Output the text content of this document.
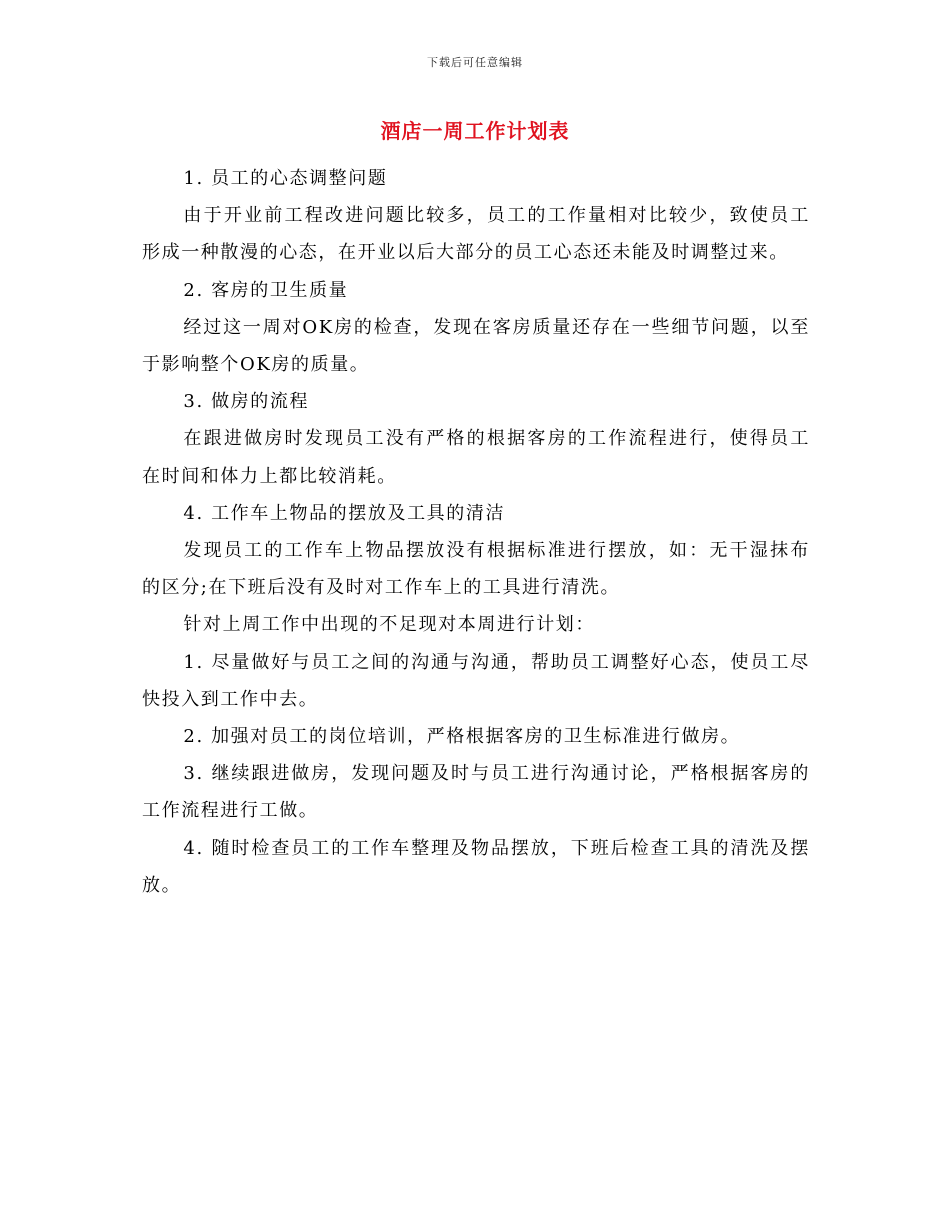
下载后可任意编辑
酒店一周工作计划表

1. 员工的心态调整问题

由于开业前工程改进问题比较多，员工的工作量相对比较少，致使员工形成一种散漫的心态，在开业以后大部分的员工心态还未能及时调整过来。

2. 客房的卫生质量

经过这一周对OK房的检查，发现在客房质量还存在一些细节问题，以至于影响整个OK房的质量。

3. 做房的流程

在跟进做房时发现员工没有严格的根据客房的工作流程进行，使得员工在时间和体力上都比较消耗。

4. 工作车上物品的摆放及工具的清洁

发现员工的工作车上物品摆放没有根据标准进行摆放，如：无干湿抹布的区分;在下班后没有及时对工作车上的工具进行清洗。

针对上周工作中出现的不足现对本周进行计划：

1. 尽量做好与员工之间的沟通与沟通，帮助员工调整好心态，使员工尽快投入到工作中去。

2. 加强对员工的岗位培训，严格根据客房的卫生标准进行做房。

3. 继续跟进做房，发现问题及时与员工进行沟通讨论，严格根据客房的工作流程进行工做。

4. 随时检查员工的工作车整理及物品摆放，下班后检查工具的清洗及摆放。
